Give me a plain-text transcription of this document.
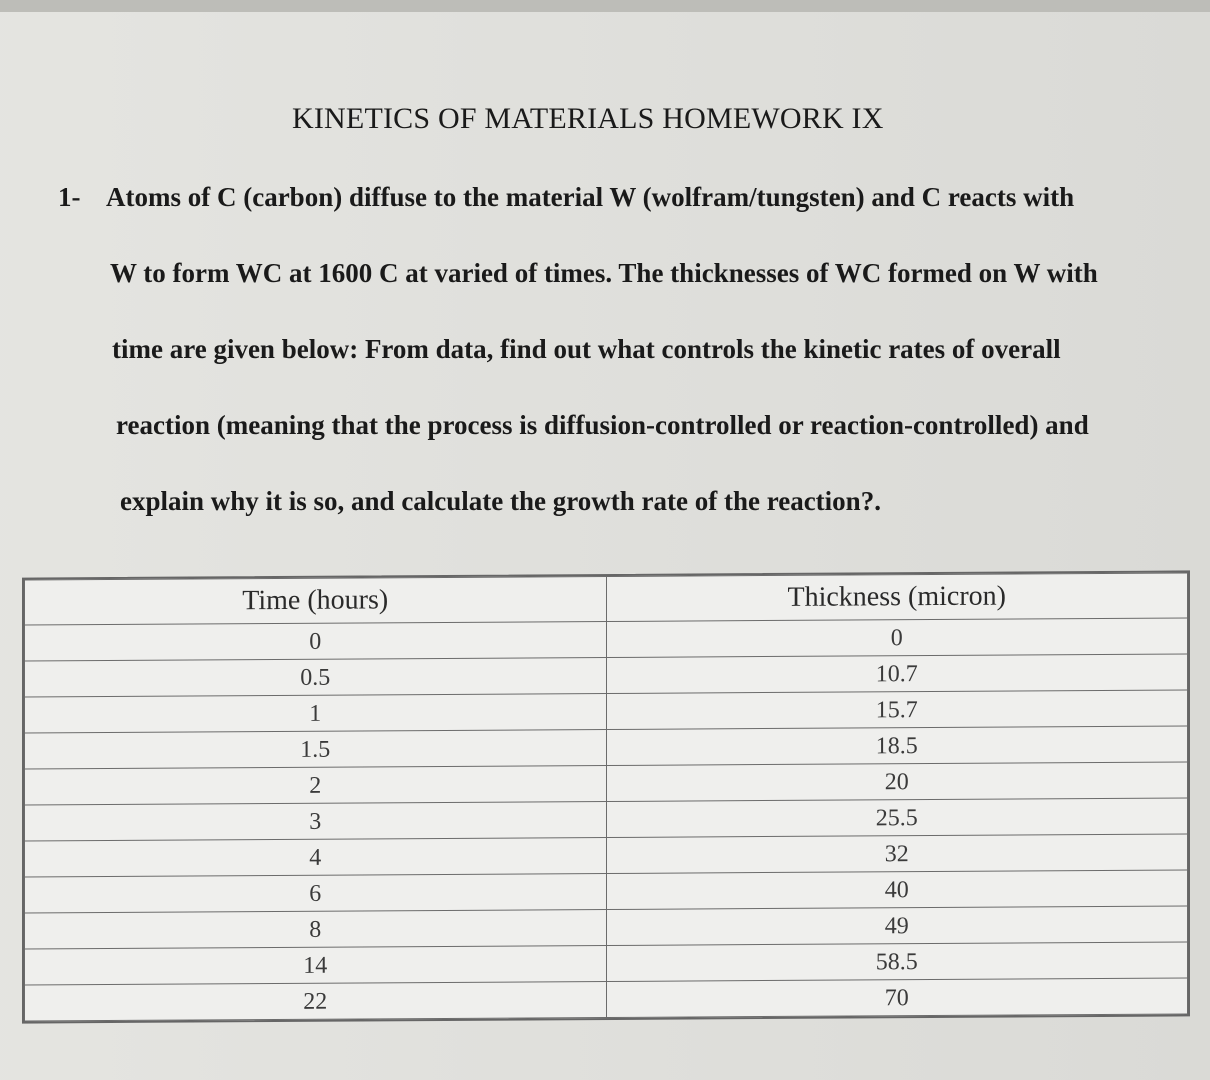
KINETICS OF MATERIALS HOMEWORK IX
1- Atoms of C (carbon) diffuse to the material W (wolfram/tungsten) and C reacts with
W to form WC at 1600 C at varied of times. The thicknesses of WC formed on W with
time are given below: From data, find out what controls the kinetic rates of overall
reaction (meaning that the process is diffusion-controlled or reaction-controlled) and
explain why it is so, and calculate the growth rate of the reaction?.
Time (hours)	Thickness (micron)
0	0
0.5	10.7
1	15.7
1.5	18.5
2	20
3	25.5
4	32
6	40
8	49
14	58.5
22	70
